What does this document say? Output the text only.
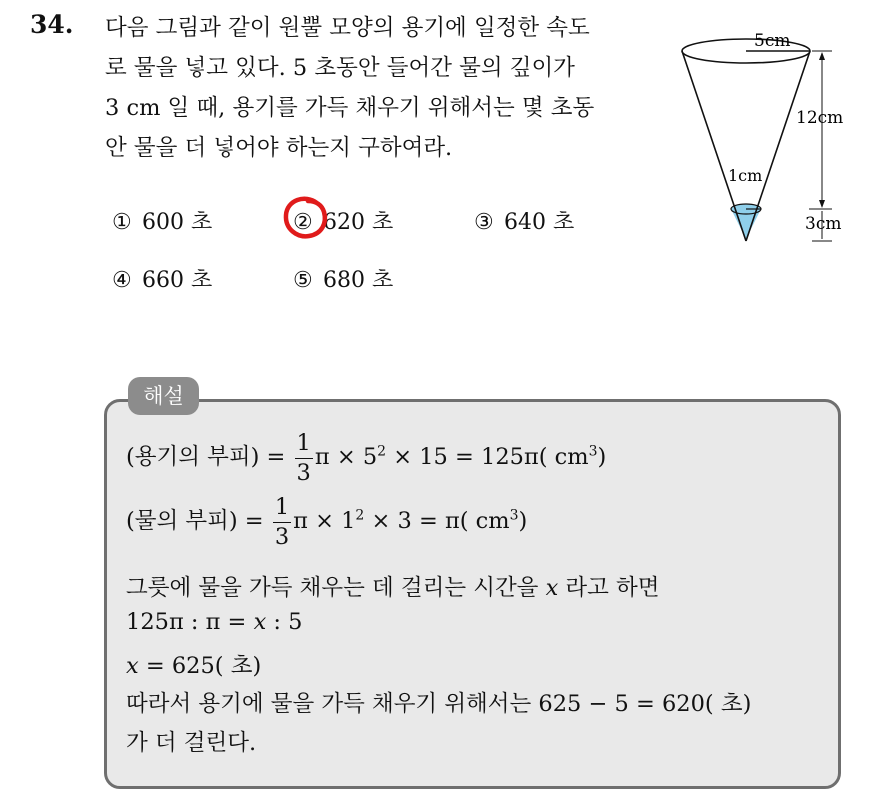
34. 다음 그림과 같이 원뿔 모양의 용기에 일정한 속도
로 물을 넣고 있다. 5 초동안 들어간 물의 깊이가
3 cm 일 때, 용기를 가득 채우기 위해서는 몇 초동
안 물을 더 넣어야 하는지 구하여라.

① 600 초	② 620 초	③ 640 초
④ 660 초	⑤ 680 초
5cm
1cm
12cm
3cm
해설
(용기의 부피) = $\frac{1}{3}$ $\pi \times 5^2 \times 15 = 125\pi$( $cm^3$)
(물의 부피) = $\frac{1}{3}$ $\pi \times 1^2 \times 3 = \pi$( $cm^3$)
그릇에 물을 가득 채우는 데 걸리는 시간을 x 라고 하면
125π : π = x : 5
x = 625( 초)
따라서 용기에 물을 가득 채우기 위해서는 625 − 5 = 620( 초)
가 더 걸린다.
